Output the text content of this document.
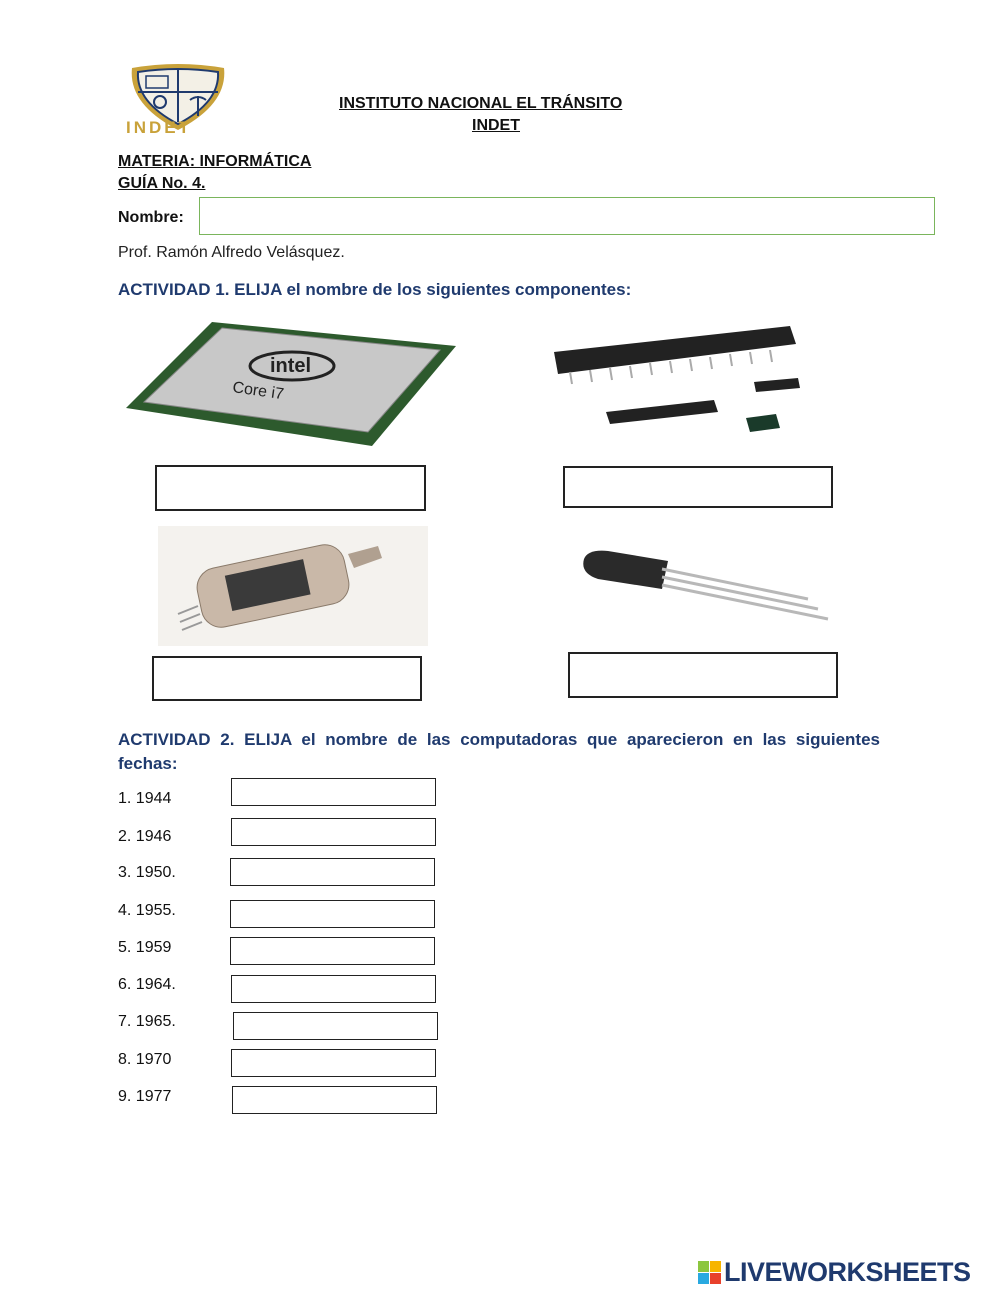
INDET
INSTITUTO NACIONAL EL TRÁNSITO
INDET
MATERIA: INFORMÁTICA
GUÍA No. 4.
Nombre:
Prof. Ramón Alfredo Velásquez.
ACTIVIDAD 1. ELIJA el nombre de los siguientes componentes:
intel
Core i7
ACTIVIDAD 2. ELIJA el nombre de las computadoras que aparecieron en las siguientes fechas:
1. 1944
2. 1946
3. 1950.
4. 1955.
5. 1959
6. 1964.
7. 1965.
8. 1970
9. 1977
LIVEWORKSHEETS
